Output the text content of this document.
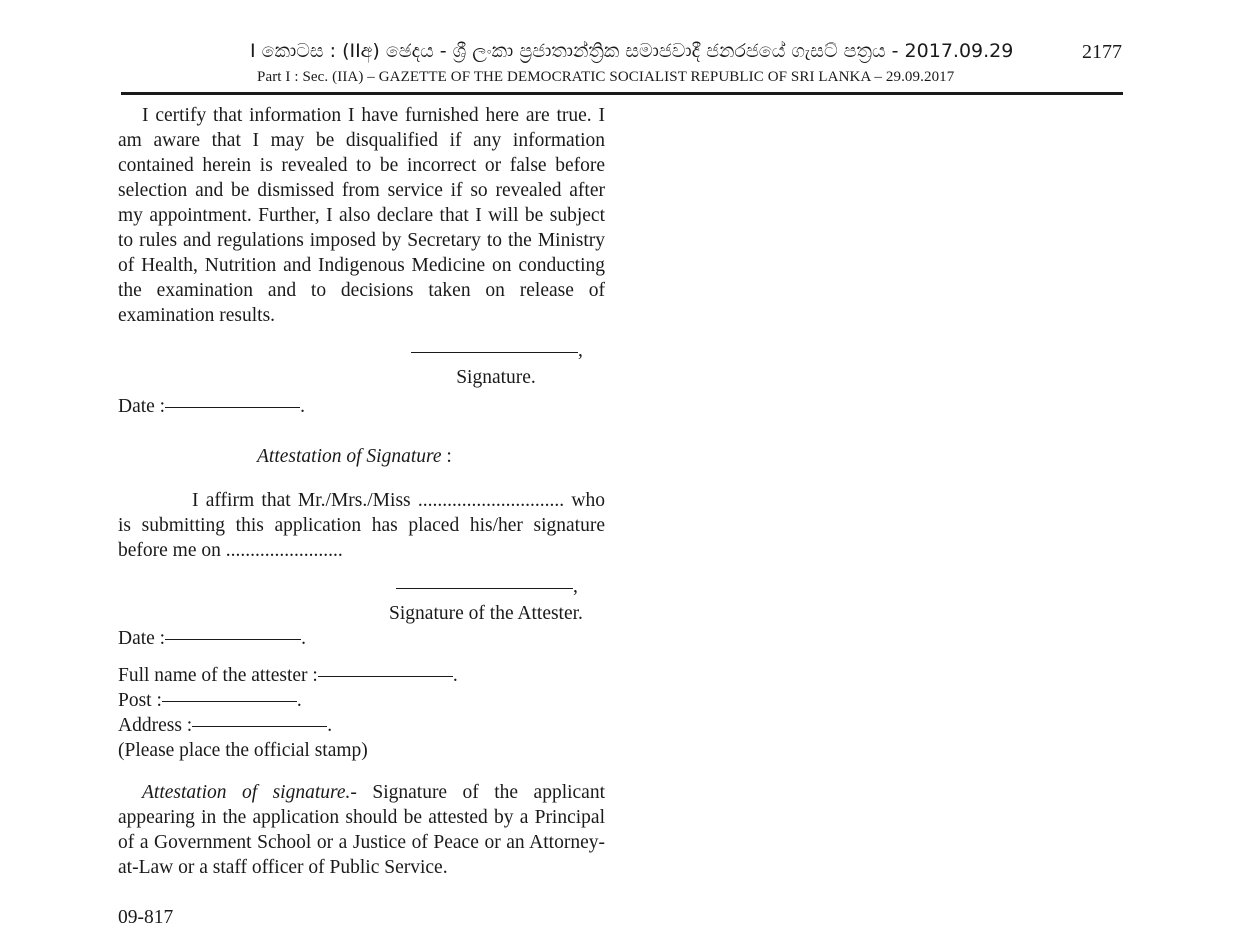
I කොටස : (IIඅ) ඡෙදය - ශ්‍රී ලංකා ප්‍රජාතාන්ත්‍රික සමාජවාදී ජනරජයේ ගැසට් පත්‍රය - 2017.09.29	2177
Part I : Sec. (IIA) – GAZETTE OF THE DEMOCRATIC SOCIALIST REPUBLIC OF SRI LANKA – 29.09.2017
I certify that information I have furnished here are true. I am aware that I may be disqualified if any information contained herein is revealed to be incorrect or false before selection and be dismissed from service if so revealed after my appointment. Further, I also declare that I will be subject to rules and regulations imposed by Secretary to the Ministry of Health, Nutrition and Indigenous Medicine on conducting the examination and to decisions taken on release of examination results.
,
Signature.
Date :	.
Attestation of Signature :
I affirm that Mr./Mrs./Miss .............................. who is submitting this application has placed his/her signature before me on ........................
,
Signature of the Attester.
Date :	.
Full name of the attester :	.
Post :	.
Address :	.
(Please place the official stamp)
Attestation of signature.- Signature of the applicant appearing in the application should be attested by a Principal of a Government School or a Justice of Peace or an Attorney-at-Law or a staff officer of Public Service.
09-817
